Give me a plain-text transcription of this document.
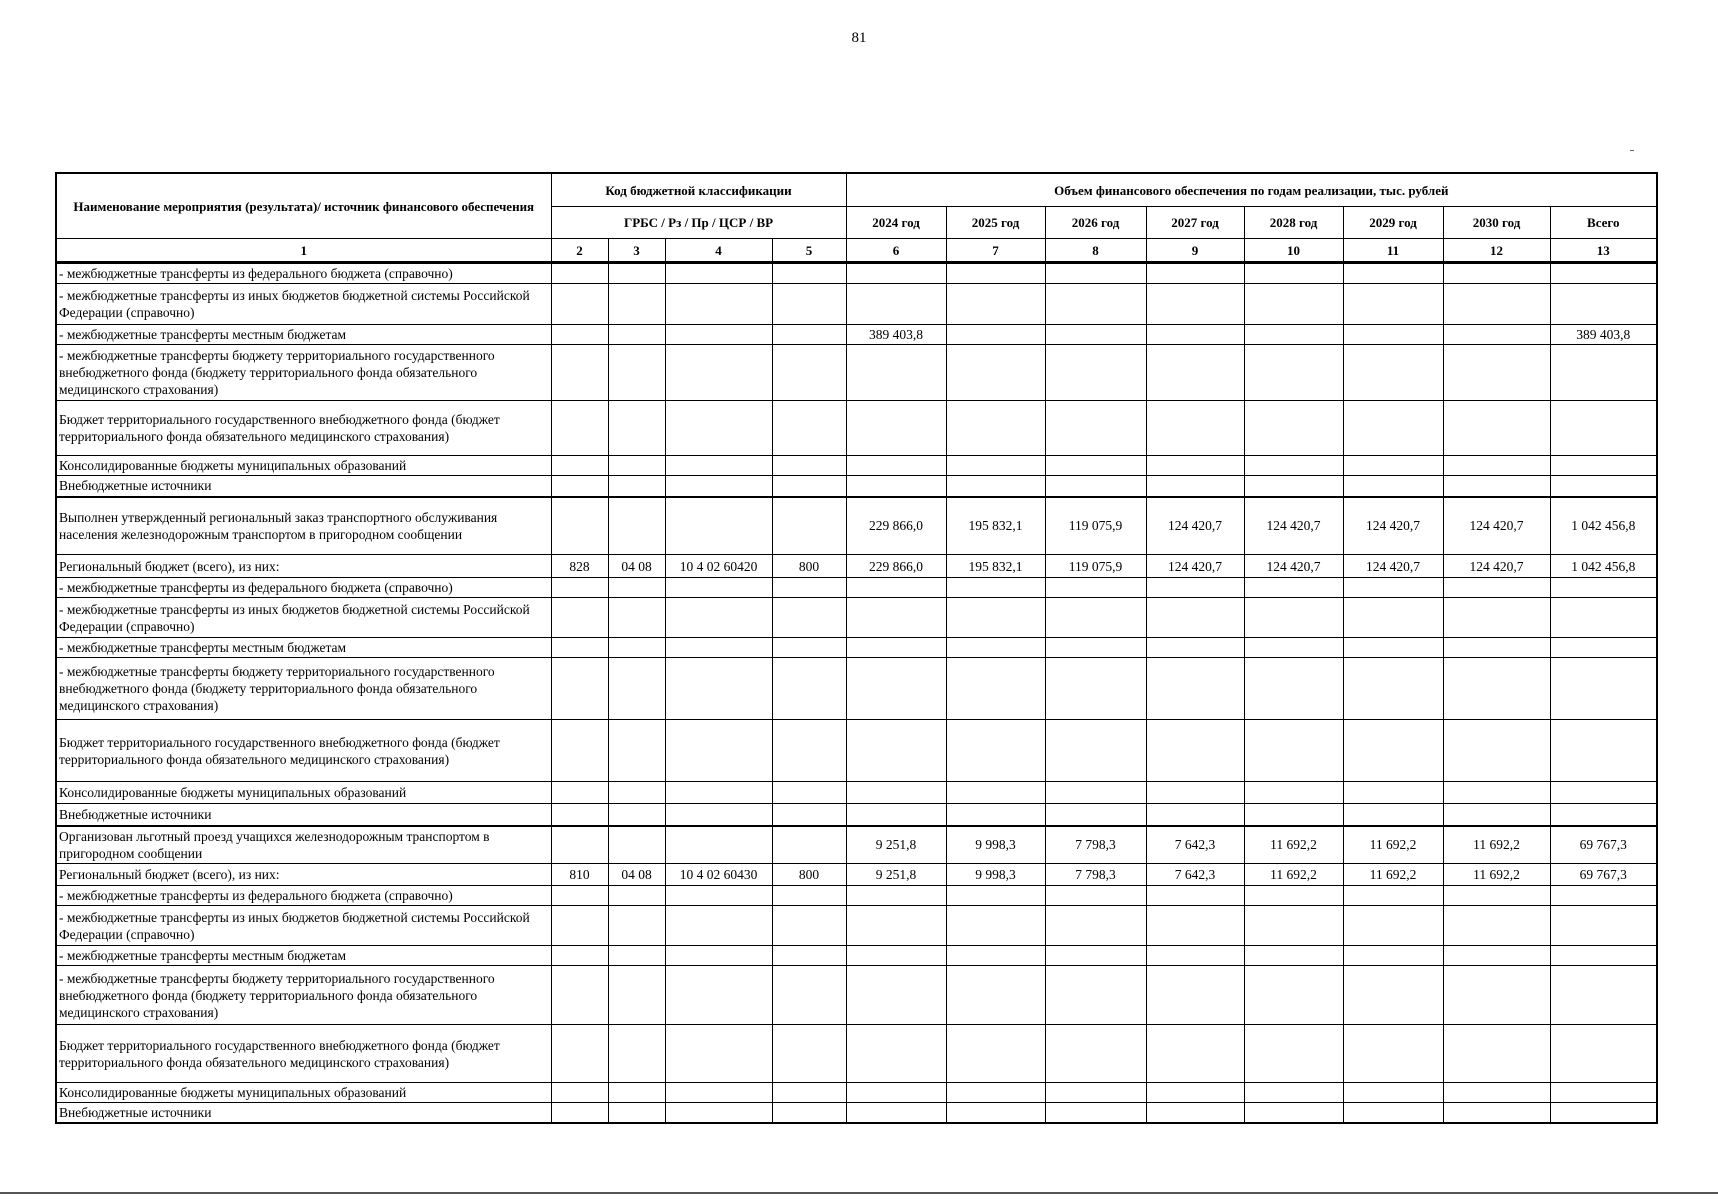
81
Наименование мероприятия (результата)/ источник финансового обеспечения	Код бюджетной классификации				Объем финансового обеспечения по годам реализации, тыс. рублей							
	ГРБС / Рз / Пр / ЦСР / ВР				2024 год	2025 год	2026 год	2027 год	2028 год	2029 год	2030 год	Всего
1	2	3	4	5	6	7	8	9	10	11	12	13
- межбюджетные трансферты из федерального бюджета (справочно)												
- межбюджетные трансферты из иных бюджетов бюджетной системы Российской Федерации (справочно)												
- межбюджетные трансферты местным бюджетам					389 403,8							389 403,8
- межбюджетные трансферты бюджету территориального государственного внебюджетного фонда (бюджету территориального фонда обязательного медицинского страхования)												
Бюджет территориального государственного внебюджетного фонда (бюджет территориального фонда обязательного медицинского страхования)												
Консолидированные бюджеты муниципальных образований												
Внебюджетные источники												
Выполнен утвержденный региональный заказ транспортного обслуживания населения железнодорожным транспортом в пригородном сообщении					229 866,0	195 832,1	119 075,9	124 420,7	124 420,7	124 420,7	124 420,7	1 042 456,8
Региональный бюджет (всего), из них:	828	04 08	10 4 02 60420	800	229 866,0	195 832,1	119 075,9	124 420,7	124 420,7	124 420,7	124 420,7	1 042 456,8
- межбюджетные трансферты из федерального бюджета (справочно)												
- межбюджетные трансферты из иных бюджетов бюджетной системы Российской Федерации (справочно)												
- межбюджетные трансферты местным бюджетам												
- межбюджетные трансферты бюджету территориального государственного внебюджетного фонда (бюджету территориального фонда обязательного медицинского страхования)												
Бюджет территориального государственного внебюджетного фонда (бюджет территориального фонда обязательного медицинского страхования)												
Консолидированные бюджеты муниципальных образований												
Внебюджетные источники												
Организован льготный проезд учащихся железнодорожным транспортом в пригородном сообщении					9 251,8	9 998,3	7 798,3	7 642,3	11 692,2	11 692,2	11 692,2	69 767,3
Региональный бюджет (всего), из них:	810	04 08	10 4 02 60430	800	9 251,8	9 998,3	7 798,3	7 642,3	11 692,2	11 692,2	11 692,2	69 767,3
- межбюджетные трансферты из федерального бюджета (справочно)												
- межбюджетные трансферты из иных бюджетов бюджетной системы Российской Федерации (справочно)												
- межбюджетные трансферты местным бюджетам												
- межбюджетные трансферты бюджету территориального государственного внебюджетного фонда (бюджету территориального фонда обязательного медицинского страхования)												
Бюджет территориального государственного внебюджетного фонда (бюджет территориального фонда обязательного медицинского страхования)												
Консолидированные бюджеты муниципальных образований												
Внебюджетные источники												
